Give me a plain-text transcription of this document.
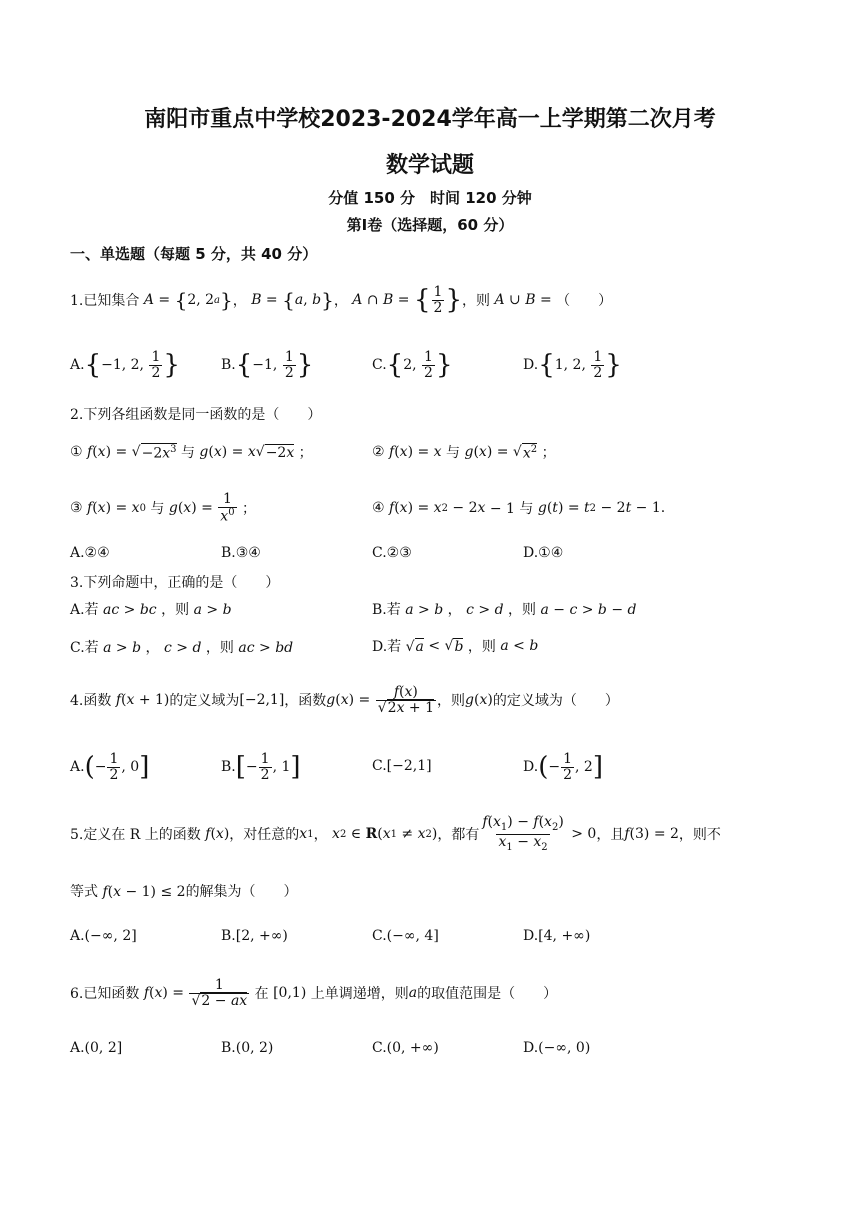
南阳市重点中学校2023-2024学年高一上学期第二次月考
数学试题
分值 150 分　时间 120 分钟
第Ⅰ卷（选择题，60 分）
一、单选题（每题 5 分，共 40 分）
1.已知集合
A = { 2, 2 a } ， B = { a , b } ， A ∩ B = { $\frac{1}{2}$ } ，则
A ∪ B = （　　）
A. { −1, 2, $\frac{1}{2}$ }	B. { −1, $\frac{1}{2}$ }	C. { 2, $\frac{1}{2}$ }	D. { 1, 2, $\frac{1}{2}$ }
2.下列各组函数是同一函数的是（　　）
① f ( x ) = √ $-2x^3$ 与 g ( x ) = x √ −2x ；	② f ( x ) = x 与 g ( x ) = √ $x^2$ ；
③ f ( x ) = x 0 与 g ( x ) = $\frac{1}{x^0}$ ；	④ f ( x ) = x 2 − 2 x − 1 与 g ( t ) = t 2 − 2 t − 1.
A.②④	B.③④	C.②③	D.①④
3.下列命题中，正确的是（　　）
A.若 ac > bc ，则 a > b	B.若 a > b ， c > d ，则 a − c > b − d
C.若 a > b ， c > d ，则 ac > bd	D.若 √ a < √ b ，则 a < b
4.函数
f ( x + 1) 的定义域为 [−2,1] ，函数 g ( x ) = $\frac{f(x)}{√2x + 1}$ ，则 g ( x ) 的定义域为（　　）
A. ( − $\frac{1}{2}$ , 0 ]	B. [ − $\frac{1}{2}$ , 1 ]	C.[−2,1]	D. ( − $\frac{1}{2}$ , 2 ]
5.定义在 R 上的函数
f ( x ) ，对任意的 x 1 ， x 2 ∈ R ( x 1 ≠ x 2 ) ，都有 $\frac{f(x_1) - f(x_2)}{x_1 - x_2} > 0$ ，且 f (3) = 2 ，则不
等式 f(x − 1) ≤ 2的解集为（　　）
A.(−∞, 2]	B.[2, +∞)	C.(−∞, 4]	D.[4, +∞)
6.已知函数
f ( x ) = $\frac{1}{√2 - ax}$
在 [0,1) 上单调递增，则 a 的取值范围是（　　）
A.(0, 2]	B.(0, 2)	C.(0, +∞)	D.(−∞, 0)
